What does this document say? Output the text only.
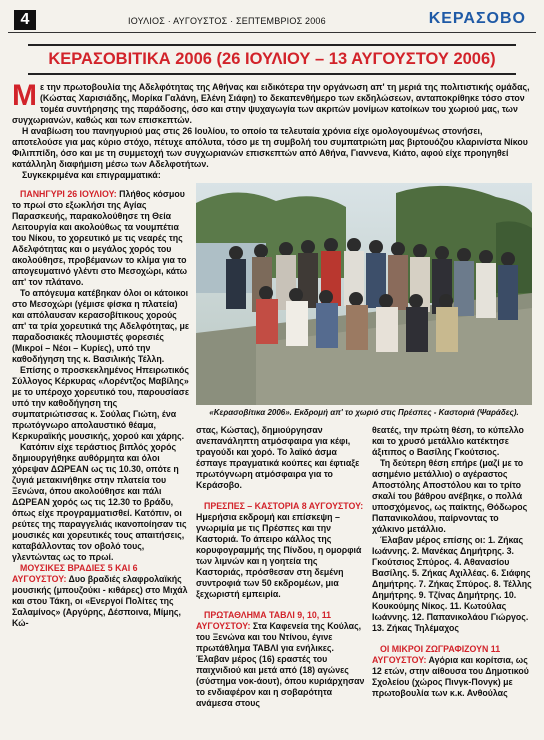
4	ΙΟΥΛΙΟΣ · ΑΥΓΟΥΣΤΟΣ · ΣΕΠΤΕΜΒΡΙΟΣ 2006	ΚΕΡΑΣΟΒΟ
ΚΕΡΑΣΟΒΙΤΙΚΑ 2006 (26 ΙΟΥΛΙΟΥ – 13 ΑΥΓΟΥΣΤΟΥ 2006)
Μ ε την πρωτοβουλία της Αδελφότητας της Αθήνας και ειδικότερα την οργάνωση απ' τη μεριά της πολιτιστικής ομάδας, (Κώστας Χαρισιάδης, Μορίκα Γαλάνη, Ελένη Σιάφη) το δεκαπενθήμερο των εκδηλώσεων, ανταποκρίθηκε τόσο στον τομέα συντήρησης της παράδοσης, όσο και στην ψυχαγωγία των ακριτών μονίμων κατοίκων του χωριού μας, των συγχωριανών, καθώς και των επισκεπτών.

Η αναβίωση του πανηγυριού μας στις 26 Ιουλίου, το οποίο τα τελευταία χρόνια είχε ομολογουμένως στονήσει, αποτελούσε για μας κύριο στόχο, πέτυχε απόλυτα, τόσο με τη συμβολή του συμπατριώτη μας βιρτουόζου κλαρινίστα Νίκου Φιλιππίδη, όσο και με τη συμμετοχή των συγχωριανών επισκεπτών από Αθήνα, Γιαννενα, Κιάτο, αφού είχε προηγηθεί κατάλληλη διαφήμιση μέσω των Αδελφοτήτων.

Συγκεκριμένα και επιγραμματικά:

ΠΑΝΗΓΥΡΙ 26 ΙΟΥΛΙΟΥ: Πλήθος κόσμου το πρωί στο εξωκλήσι της Αγίας Παρασκευής, παρακολούθησε τη Θεία Λειτουργία και ακολούθως τα νουμπέτια του Νίκου, το χορευτικό με τις νεαρές της Αδελφότητας και ο μεγάλος χορός του ακολούθησε, προβέμανων το κλίμα για το απογευματινό γλέντι στο Μεσοχώρι, κάτω απ' τον πλάτανο.

Το απόγευμα κατέβηκαν όλοι οι κάτοικοι στο Μεσοχώρι (γέμισε φίσκα η πλατεία) και απόλαυσαν κερασοβίτικους χορούς απ' τα τρία χορευτικά της Αδελφότητας, με παραδοσιακές πλουμιστές φορεσιές (Μικροί – Νέοι – Κυρίες), υπό την καθοδήγηση της κ. Βασιλικής Τέλλη.

Επίσης ο προσκεκλημένος Ηπειρωτικός Σύλλογος Κέρκυρας «Λορέντζος Μαβίλης» με το υπέροχο χορευτικό του, παρουσίασε υπό την καθοδήγηση της συμπατριώτισσας κ. Σούλας Γιώτη, ένα πρωτόγνωρο απολαυστικό θέαμα, Κερκυραϊκής μουσικής, χορού και χάρης.

Κατόπιν είχε τεράστιος βιπλός χορός δημιουργήθηκε αυθόρμητα και όλοι χόρεψαν ΔΩΡΕΑΝ ως τις 10.30, οπότε η ζυγιά μετακινήθηκε στην πλατεία του Ξενώνα, όπου ακολούθησε και πάλι ΔΩΡΕΑΝ χορός ως τις 12.30 το βράδυ, όπως είχε προγραμματισθεί. Κατόπιν, οι ρεύτες της παραγγελιάς ικανοποίησαν τις μουσικές και χορευτικές τους απαιτήσεις, καταβάλλοντας τον οβολό τους, γλεντώντας ως το πρωί.

ΜΟΥΣΙΚΕΣ ΒΡΑΔΙΕΣ 5 ΚΑΙ 6 ΑΥΓΟΥΣΤΟΥ: Δυο βραδιές ελαφρολαϊκής μουσικής (μπουζούκι - κιθάρες) στο Μιχάλ και στου Τάκη, οι «Ενεργοί Πολίτες της Σαλαμίνος» (Αργύρης, Δέσποινα, Μίμης, Κώ-

«Κερασοβίτικα 2006». Εκδρομή απ' το χωριό στις Πρέσπες - Καστοριά (Ψαράδες).

στας, Κώστας), δημιούργησαν ανεπανάληπτη ατμόσφαιρα για κέφι, τραγούδι και χορό. Το λαϊκό άσμα έσπαγε πραγματικά κούπες και έφτιαξε πρωτόγνωρη ατμόσφαιρα για το Κεράσοβο.

ΠΡΕΣΠΕΣ – ΚΑΣΤΟΡΙΑ 8 ΑΥΓΟΥΣΤΟΥ: Ημερήσια εκδρομή και επίσκεψη – γνωριμία με τις Πρέσπες και την Καστοριά. Το άπειρο κάλλος της κορυφογραμμής της Πίνδου, η ομορφιά των λιμνών και η γοητεία της Καστοριάς, πρόσθεσαν στη δεμένη συντροφιά των 50 εκδρομέων, μια ξεχωριστή εμπειρία.

ΠΡΩΤΑΘΛΗΜΑ ΤΑΒΛΙ 9, 10, 11 ΑΥΓΟΥΣΤΟΥ: Στα Καφενεία της Κούλας, του Ξενώνα και του Ντίνου, έγινε πρωτάθλημα ΤΑΒΛΙ για ενήλικες. Έλαβαν μέρος (16) εραστές του παιχνιδιού και μετά από (18) αγώνες (σύστημα νοκ-άουτ), όπου κυριάρχησαν το ενδιαφέρον και η σοβαρότητα ανάμεσα στους

θεατές, την πρώτη θέση, το κύπελλο και το χρυσό μετάλλιο κατέκτησε άξιτιπος ο Βασίλης Γκούτσιος.

Τη δεύτερη θέση επήρε (μαζί με το ασημένιο μετάλλιο) ο αγέραστος Αποστόλης Αποστόλου και το τρίτο σκαλί του βάθρου ανέβηκε, ο πολλά υποσχόμενος, ως παίκτης, Θόδωρος Παπανικολάου, παίρνοντας το χάλκινο μετάλλιο.

Έλαβαν μέρος επίσης οι: 1. Ζήκας Ιωάννης. 2. Μανέκας Δημήτρης. 3. Γκούτσιος Σπύρος. 4. Αθανασίου Βασίλης. 5. Ζήκας Αχιλλέας. 6. Σιάφης Δημήτρης. 7. Ζήκας Σπύρος. 8. Τέλλης Δημήτρης. 9. Τζίνας Δημήτρης. 10. Κουκούμης Νίκος. 11. Κωτούλας Ιωάννης. 12. Παπανικολάου Γιώργος. 13. Ζήκας Τηλέμαχος

ΟΙ ΜΙΚΡΟΙ ΖΩΓΡΑΦΙΖΟΥΝ 11 ΑΥΓΟΥΣΤΟΥ: Αγόρια και κορίτσια, ως 12 ετών, στην αίθουσα του Δημοτικού Σχολείου (χώρος Πινγκ-Πονγκ) με πρωτοβουλία των κ.κ. Ανθούλας
